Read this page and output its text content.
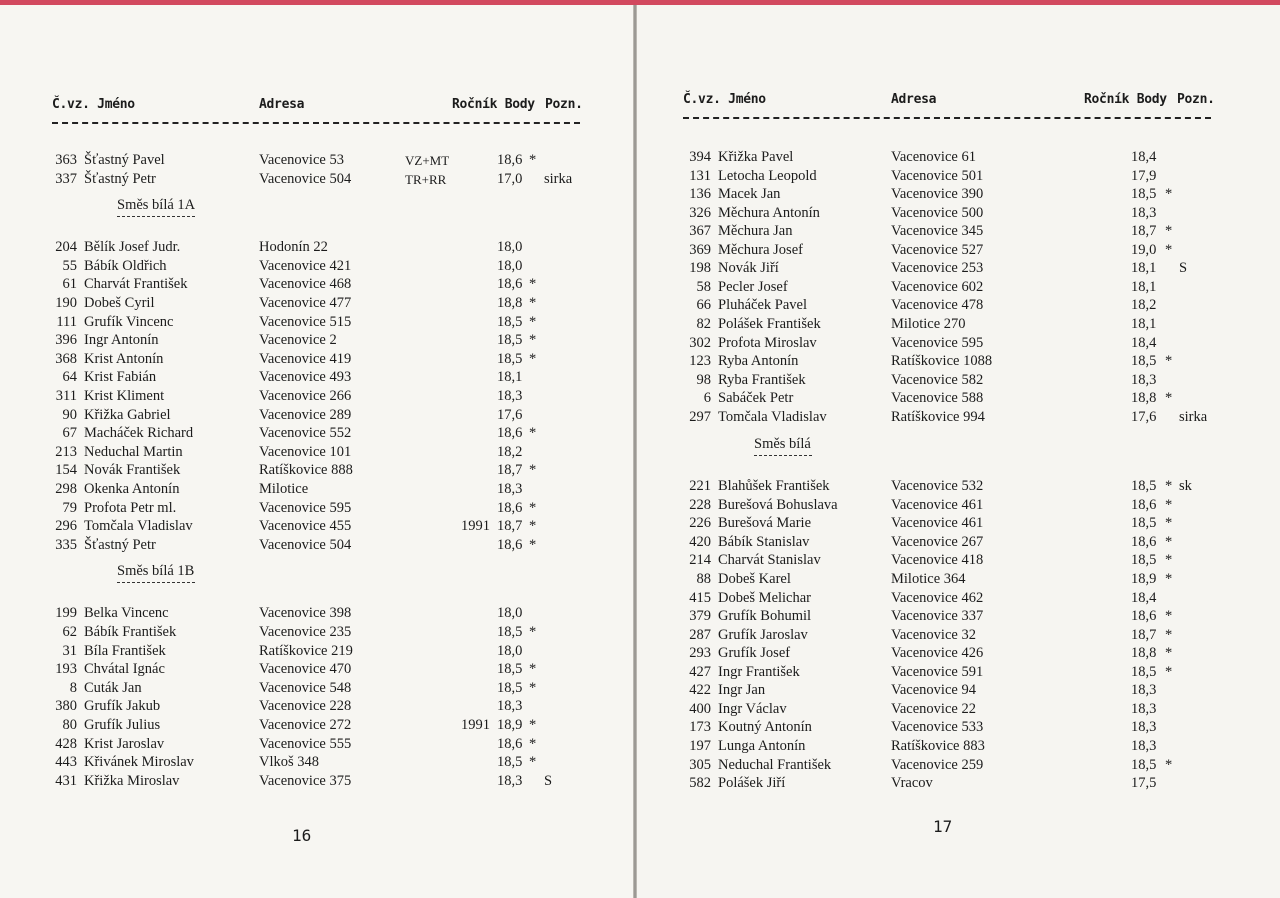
Č.vz. Jméno	Adresa	Ročník Body Pozn.
363 Šťastný Pavel	Vacenovice 53	VZ+MT	18,6 *
337 Šťastný Petr	Vacenovice 504	TR+RR	17,0 sirka
Směs bílá 1A
204 Bělík Josef Judr.	Hodonín 22	18,0
55 Bábík Oldřich	Vacenovice 421	18,0
61 Charvát František	Vacenovice 468	18,6 *
190 Dobeš Cyril	Vacenovice 477	18,8 *
111 Grufík Vincenc	Vacenovice 515	18,5 *
396 Ingr Antonín	Vacenovice 2	18,5 *
368 Krist Antonín	Vacenovice 419	18,5 *
64 Krist Fabián	Vacenovice 493	18,1
311 Krist Kliment	Vacenovice 266	18,3
90 Křižka Gabriel	Vacenovice 289	17,6
67 Macháček Richard	Vacenovice 552	18,6 *
213 Neduchal Martin	Vacenovice 101	18,2
154 Novák František	Ratíškovice 888	18,7 *
298 Okenka Antonín	Milotice	18,3
79 Profota Petr ml.	Vacenovice 595	18,6 *
296 Tomčala Vladislav	Vacenovice 455	1991 18,7 *
335 Šťastný Petr	Vacenovice 504	18,6 *
Směs bílá 1B
199 Belka Vincenc	Vacenovice 398	18,0
62 Bábík František	Vacenovice 235	18,5 *
31 Bíla František	Ratíškovice 219	18,0
193 Chvátal Ignác	Vacenovice 470	18,5 *
8 Cuták Jan	Vacenovice 548	18,5 *
380 Grufík Jakub	Vacenovice 228	18,3
80 Grufík Julius	Vacenovice 272	1991 18,9 *
428 Krist Jaroslav	Vacenovice 555	18,6 *
443 Křivánek Miroslav	Vlkoš 348	18,5 *
431 Křižka Miroslav	Vacenovice 375	18,3 S
16
Č.vz. Jméno	Adresa	Ročník Body Pozn.
394 Křižka Pavel	Vacenovice 61	18,4
131 Letocha Leopold	Vacenovice 501	17,9
136 Macek Jan	Vacenovice 390	18,5 *
326 Měchura Antonín	Vacenovice 500	18,3
367 Měchura Jan	Vacenovice 345	18,7 *
369 Měchura Josef	Vacenovice 527	19,0 *
198 Novák Jiří	Vacenovice 253	18,1 S
58 Pecler Josef	Vacenovice 602	18,1
66 Pluháček Pavel	Vacenovice 478	18,2
82 Polášek František	Milotice 270	18,1
302 Profota Miroslav	Vacenovice 595	18,4
123 Ryba Antonín	Ratíškovice 1088	18,5 *
98 Ryba František	Vacenovice 582	18,3
6 Sabáček Petr	Vacenovice 588	18,8 *
297 Tomčala Vladislav	Ratíškovice 994	17,6 sirka
Směs bílá
221 Blahůšek František	Vacenovice 532	18,5 * sk
228 Burešová Bohuslava	Vacenovice 461	18,6 *
226 Burešová Marie	Vacenovice 461	18,5 *
420 Bábík Stanislav	Vacenovice 267	18,6 *
214 Charvát Stanislav	Vacenovice 418	18,5 *
88 Dobeš Karel	Milotice 364	18,9 *
415 Dobeš Melichar	Vacenovice 462	18,4
379 Grufík Bohumil	Vacenovice 337	18,6 *
287 Grufík Jaroslav	Vacenovice 32	18,7 *
293 Grufík Josef	Vacenovice 426	18,8 *
427 Ingr František	Vacenovice 591	18,5 *
422 Ingr Jan	Vacenovice 94	18,3
400 Ingr Václav	Vacenovice 22	18,3
173 Koutný Antonín	Vacenovice 533	18,3
197 Lunga Antonín	Ratíškovice 883	18,3
305 Neduchal František	Vacenovice 259	18,5 *
582 Polášek Jiří	Vracov	17,5
17
